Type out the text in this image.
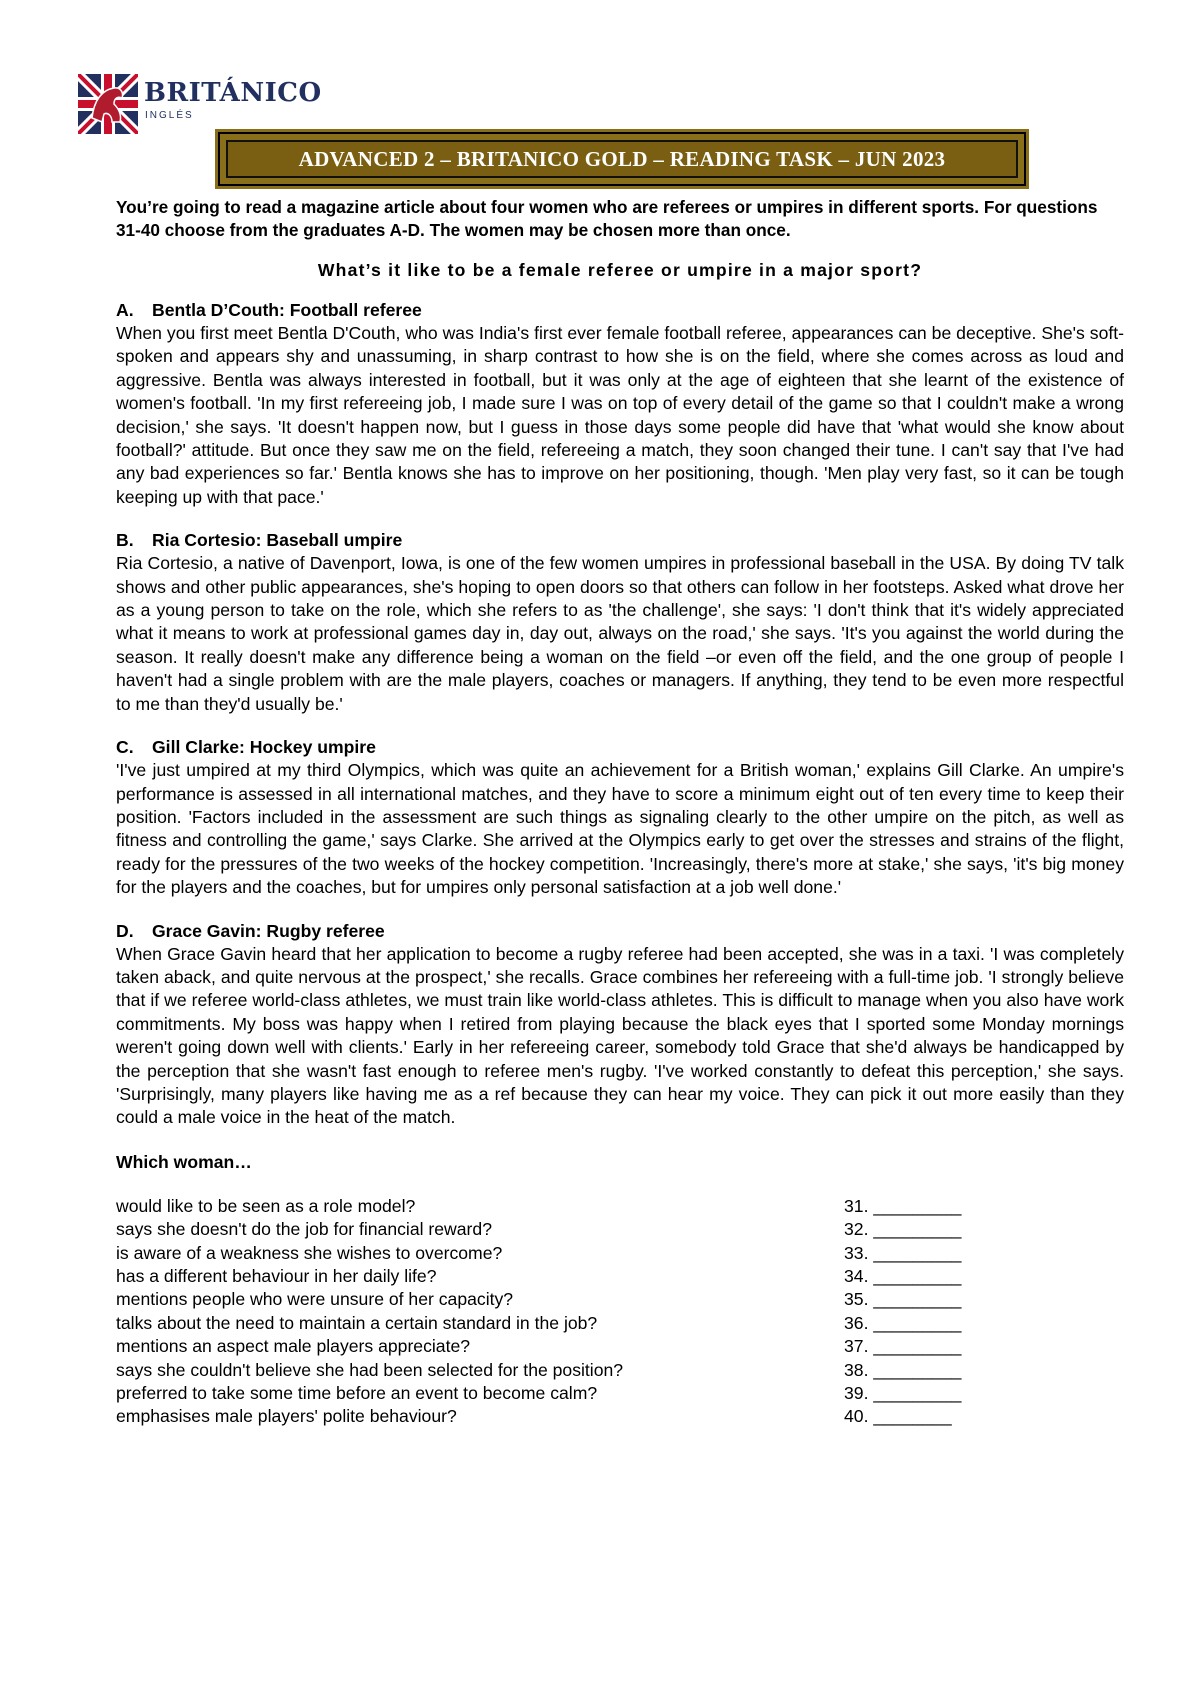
BRITÁNICO
INGLÉS
ADVANCED 2 – BRITANICO GOLD – READING TASK – JUN 2023

You’re going to read a magazine article about four women who are referees or umpires in different sports. For questions 31-40 choose from the graduates A-D. The women may be chosen more than once.

What’s it like to be a female referee or umpire in a major sport?
A. Bentla D’Couth: Football referee

When you first meet Bentla D'Couth, who was India's first ever female football referee, appearances can be deceptive. She's soft-spoken and appears shy and unassuming, in sharp contrast to how she is on the field, where she comes across as loud and aggressive. Bentla was always interested in football, but it was only at the age of eighteen that she learnt of the existence of women's football. 'In my first refereeing job, I made sure I was on top of every detail of the game so that I couldn't make a wrong decision,' she says. 'It doesn't happen now, but I guess in those days some people did have that 'what would she know about football?' attitude. But once they saw me on the field, refereeing a match, they soon changed their tune. I can't say that I've had any bad experiences so far.' Bentla knows she has to improve on her positioning, though. 'Men play very fast, so it can be tough keeping up with that pace.'

B. Ria Cortesio: Baseball umpire

Ria Cortesio, a native of Davenport, Iowa, is one of the few women umpires in professional baseball in the USA. By doing TV talk shows and other public appearances, she's hoping to open doors so that others can follow in her footsteps. Asked what drove her as a young person to take on the role, which she refers to as 'the challenge', she says: 'I don't think that it's widely appreciated what it means to work at professional games day in, day out, always on the road,' she says. 'It's you against the world during the season. It really doesn't make any difference being a woman on the field –or even off the field, and the one group of people I haven't had a single problem with are the male players, coaches or managers. If anything, they tend to be even more respectful to me than they'd usually be.'

C. Gill Clarke: Hockey umpire

'I've just umpired at my third Olympics, which was quite an achievement for a British woman,' explains Gill Clarke. An umpire's performance is assessed in all international matches, and they have to score a minimum eight out of ten every time to keep their position. 'Factors included in the assessment are such things as signaling clearly to the other umpire on the pitch, as well as fitness and controlling the game,' says Clarke. She arrived at the Olympics early to get over the stresses and strains of the flight, ready for the pressures of the two weeks of the hockey competition. 'Increasingly, there's more at stake,' she says, 'it's big money for the players and the coaches, but for umpires only personal satisfaction at a job well done.'

D. Grace Gavin: Rugby referee

When Grace Gavin heard that her application to become a rugby referee had been accepted, she was in a taxi. 'I was completely taken aback, and quite nervous at the prospect,' she recalls. Grace combines her refereeing with a full-time job. 'I strongly believe that if we referee world-class athletes, we must train like world-class athletes. This is difficult to manage when you also have work commitments. My boss was happy when I retired from playing because the black eyes that I sported some Monday mornings weren't going down well with clients.' Early in her refereeing career, somebody told Grace that she'd always be handicapped by the perception that she wasn't fast enough to referee men's rugby. 'I've worked constantly to defeat this perception,' she says. 'Surprisingly, many players like having me as a ref because they can hear my voice. They can pick it out more easily than they could a male voice in the heat of the match.

Which woman…
would like to be seen as a role model?	31. _________
says she doesn't do the job for financial reward?	32. _________
is aware of a weakness she wishes to overcome?	33. _________
has a different behaviour in her daily life?	34. _________
mentions people who were unsure of her capacity?	35. _________
talks about the need to maintain a certain standard in the job?	36. _________
mentions an aspect male players appreciate?	37. _________
says she couldn't believe she had been selected for the position?	38. _________
preferred to take some time before an event to become calm?	39. _________
emphasises male players' polite behaviour?	40. ________
